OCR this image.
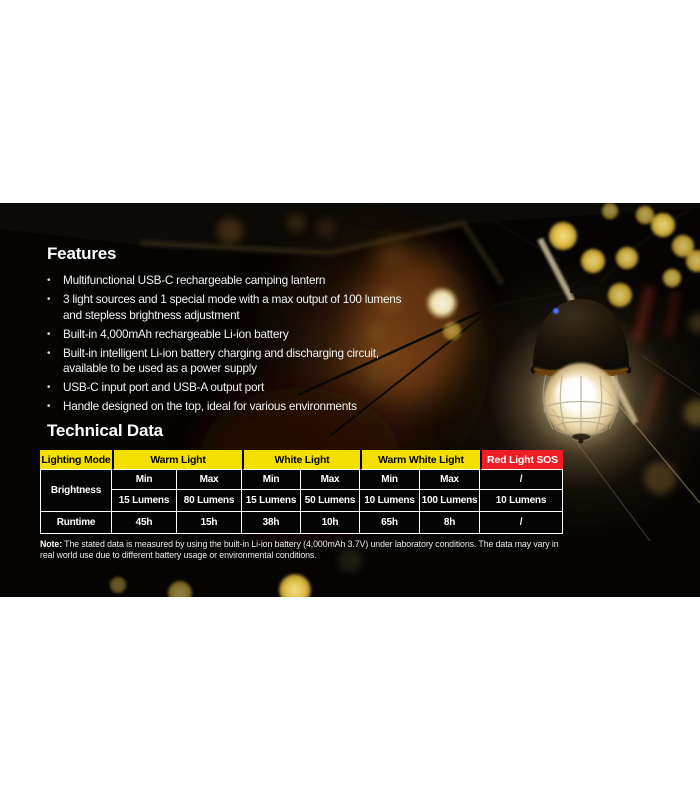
Features
•	Multifunctional USB-C rechargeable camping lantern
•	3 light sources and 1 special mode with a max output of 100 lumens
and stepless brightness adjustment
•	Built-in 4,000mAh rechargeable Li-ion battery
•	Built-in intelligent Li-ion battery charging and discharging circuit,
available to be used as a power supply
•	USB-C input port and USB-A output port
•	Handle designed on the top, ideal for various environments
Technical Data
Lighting Mode	Warm Light	White Light	Warm White Light	Red Light SOS
Brightness
Min	Max	Min	Max	Min	Max	/
15 Lumens	80 Lumens	15 Lumens 50 Lumens 10 Lumens 100 Lumens	10 Lumens
Runtime	45h	15h	38h	10h	65h	8h	/
Note: The stated data is measured by using the built-in Li-ion battery (4,000mAh 3.7V) under laboratory conditions. The data may vary in
real world use due to different battery usage or environmental conditions.
